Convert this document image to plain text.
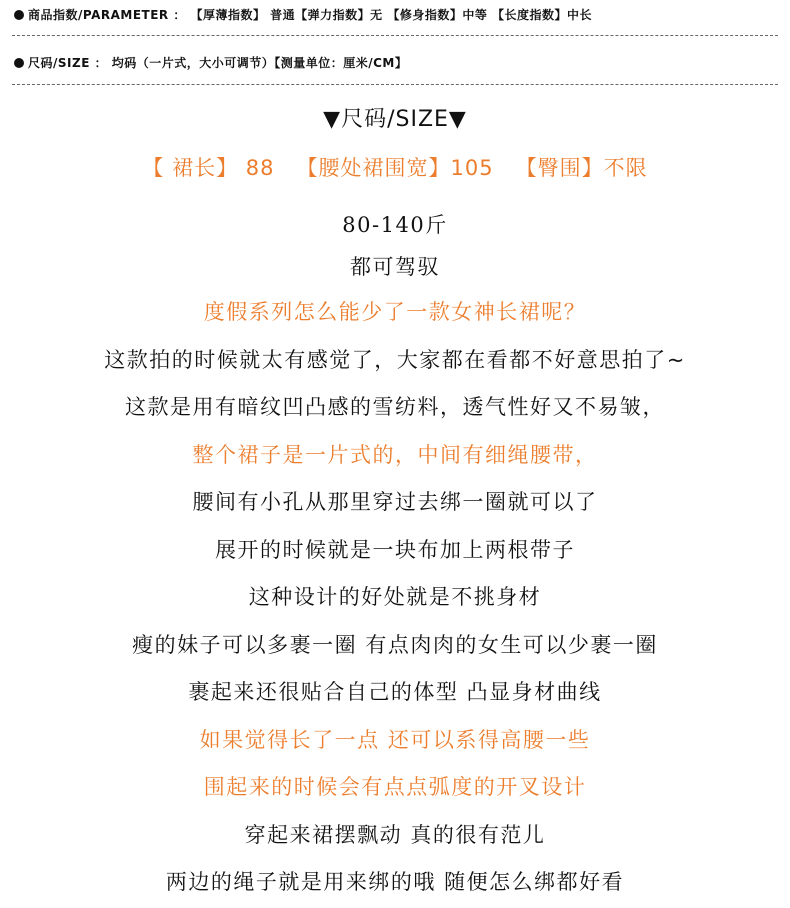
商品指数/PARAMETER ： 【厚薄指数】 普通【弹力指数】无 【修身指数】中等 【长度指数】中长
尺码/SIZE ： 均码（一片式，大小可调节）【测量单位：厘米/CM】
▼尺码/SIZE▼
【 裙长】 88 【腰处裙围宽】105 【臀围】不限
80-140斤
都可驾驭
度假系列怎么能少了一款女神长裙呢？
这款拍的时候就太有感觉了，大家都在看都不好意思拍了~
这款是用有暗纹凹凸感的雪纺料，透气性好又不易皱，
整个裙子是一片式的，中间有细绳腰带，
腰间有小孔从那里穿过去绑一圈就可以了
展开的时候就是一块布加上两根带子
这种设计的好处就是不挑身材
瘦的妹子可以多裹一圈 有点肉肉的女生可以少裹一圈
裹起来还很贴合自己的体型 凸显身材曲线
如果觉得长了一点 还可以系得高腰一些
围起来的时候会有点点弧度的开叉设计
穿起来裙摆飘动 真的很有范儿
两边的绳子就是用来绑的哦 随便怎么绑都好看
